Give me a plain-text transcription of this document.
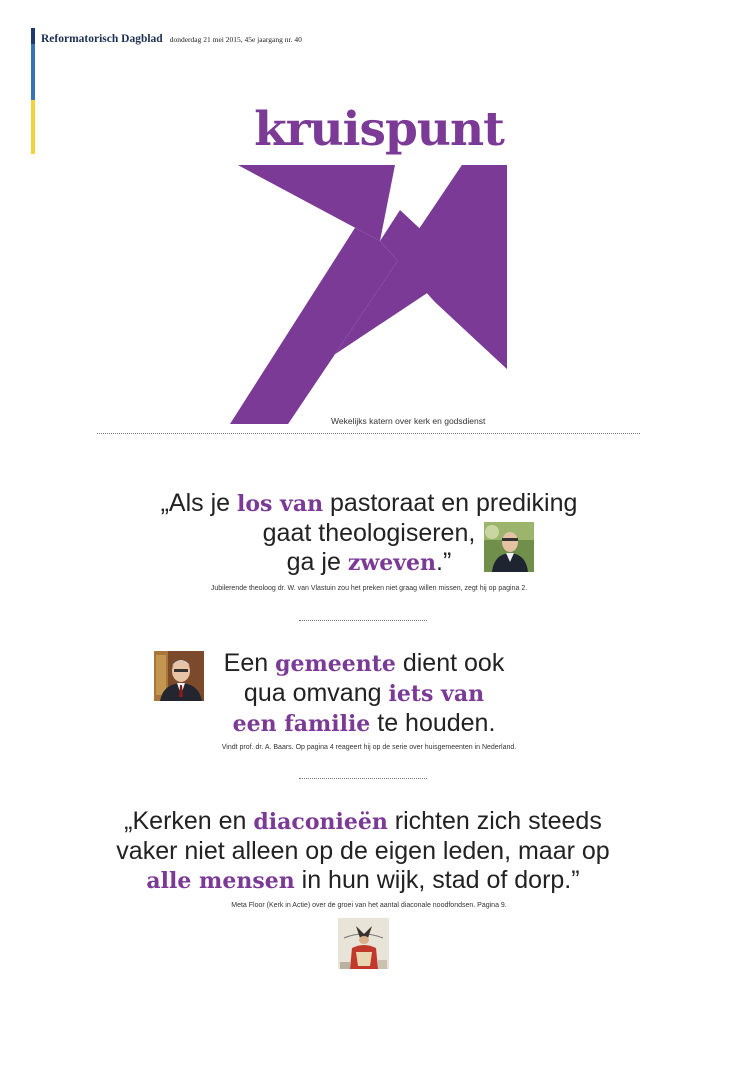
Reformatorisch Dagblad donderdag 21 mei 2015, 45e jaargang nr. 40
kruispunt
Wekelijks katern over kerk en godsdienst
„Als je los van pastoraat en prediking
gaat theologiseren,
ga je zweven.”
Jubilerende theoloog dr. W. van Vlastuin zou het preken niet graag willen missen, zegt hij op pagina 2.
Een gemeente dient ook
qua omvang iets van
een familie te houden.
Vindt prof. dr. A. Baars. Op pagina 4 reageert hij op de serie over huisgemeenten in Nederland.
„Kerken en diaconieën richten zich steeds
vaker niet alleen op de eigen leden, maar op
alle mensen in hun wijk, stad of dorp.”
Meta Floor (Kerk in Actie) over de groei van het aantal diaconale noodfondsen. Pagina 9.
